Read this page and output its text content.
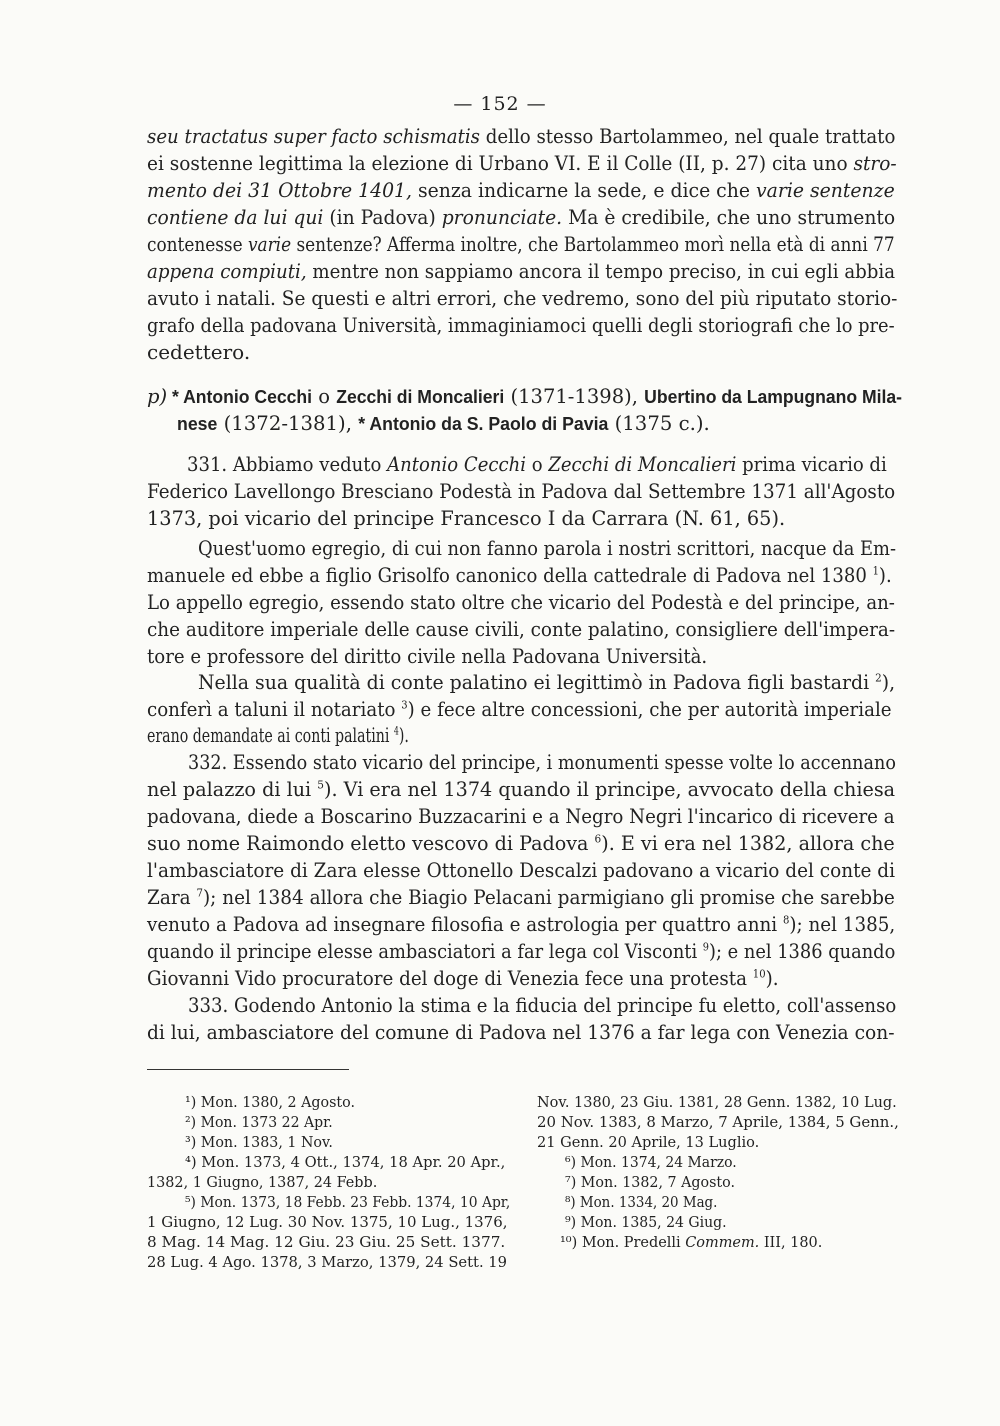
— 152 —
seu tractatus super facto schismatis dello stesso Bartolammeo, nel quale trattato
ei sostenne legittima la elezione di Urbano VI. E il Colle (II, p. 27) cita uno stro-
mento dei 31 Ottobre 1401, senza indicarne la sede, e dice che varie sentenze
contiene da lui qui (in Padova) pronunciate. Ma è credibile, che uno strumento
contenesse varie sentenze? Afferma inoltre, che Bartolammeo morì nella età di anni 77
appena compiuti, mentre non sappiamo ancora il tempo preciso, in cui egli abbia
avuto i natali. Se questi e altri errori, che vedremo, sono del più riputato storio-
grafo della padovana Università, immaginiamoci quelli degli storiografi che lo pre-
cedettero.
p) * Antonio Cecchi o Zecchi di Moncalieri (1371-1398), Ubertino da Lampugnano Mila-
nese (1372-1381), * Antonio da S. Paolo di Pavia (1375 c.).
331. Abbiamo veduto Antonio Cecchi o Zecchi di Moncalieri prima vicario di
Federico Lavellongo Bresciano Podestà in Padova dal Settembre 1371 all'Agosto
1373, poi vicario del principe Francesco I da Carrara (N. 61, 65).
Quest'uomo egregio, di cui non fanno parola i nostri scrittori, nacque da Em-
manuele ed ebbe a figlio Grisolfo canonico della cattedrale di Padova nel 1380 $^1$).
Lo appello egregio, essendo stato oltre che vicario del Podestà e del principe, an-
che auditore imperiale delle cause civili, conte palatino, consigliere dell'impera-
tore e professore del diritto civile nella Padovana Università.
Nella sua qualità di conte palatino ei legittimò in Padova figli bastardi $^2$),
conferì a taluni il notariato $^3$) e fece altre concessioni, che per autorità imperiale
erano demandate ai conti palatini $^4$).
332. Essendo stato vicario del principe, i monumenti spesse volte lo accennano
nel palazzo di lui $^5$). Vi era nel 1374 quando il principe, avvocato della chiesa
padovana, diede a Boscarino Buzzacarini e a Negro Negri l'incarico di ricevere a
suo nome Raimondo eletto vescovo di Padova $^6$). E vi era nel 1382, allora che
l'ambasciatore di Zara elesse Ottonello Descalzi padovano a vicario del conte di
Zara $^7$); nel 1384 allora che Biagio Pelacani parmigiano gli promise che sarebbe
venuto a Padova ad insegnare filosofia e astrologia per quattro anni $^8$); nel 1385,
quando il principe elesse ambasciatori a far lega col Visconti $^9$); e nel 1386 quando
Giovanni Vido procuratore del doge di Venezia fece una protesta $^{10}$).
333. Godendo Antonio la stima e la fiducia del principe fu eletto, coll'assenso
di lui, ambasciatore del comune di Padova nel 1376 a far lega con Venezia con-
¹) Mon. 1380, 2 Agosto.
²) Mon. 1373 22 Apr.
³) Mon. 1383, 1 Nov.
⁴) Mon. 1373, 4 Ott., 1374, 18 Apr. 20 Apr.,
1382, 1 Giugno, 1387, 24 Febb.
⁵) Mon. 1373, 18 Febb. 23 Febb. 1374, 10 Apr,
1 Giugno, 12 Lug. 30 Nov. 1375, 10 Lug., 1376,
8 Mag. 14 Mag. 12 Giu. 23 Giu. 25 Sett. 1377.
28 Lug. 4 Ago. 1378, 3 Marzo, 1379, 24 Sett. 19
Nov. 1380, 23 Giu. 1381, 28 Genn. 1382, 10 Lug.
20 Nov. 1383, 8 Marzo, 7 Aprile, 1384, 5 Genn.,
21 Genn. 20 Aprile, 13 Luglio.
⁶) Mon. 1374, 24 Marzo.
⁷) Mon. 1382, 7 Agosto.
⁸) Mon. 1334, 20 Mag.
⁹) Mon. 1385, 24 Giug.
¹⁰) Mon. Predelli Commem. III, 180.
